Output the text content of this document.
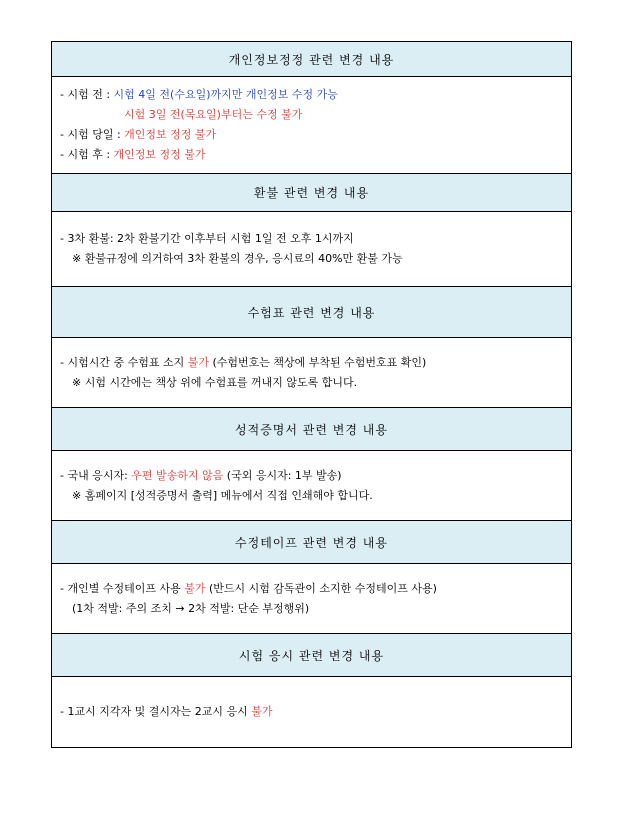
개인정보정정 관련 변경 내용
- 시험 전 : 시험 4일 전(수요일)까지만 개인정보 수정 가능
시험 3일 전(목요일)부터는 수정 불가
- 시험 당일 : 개인정보 정정 불가
- 시험 후 : 개인정보 정정 불가
환불 관련 변경 내용
- 3차 환불: 2차 환불기간 이후부터 시험 1일 전 오후 1시까지
※ 환불규정에 의거하여 3차 환불의 경우, 응시료의 40%만 환불 가능
수험표 관련 변경 내용
- 시험시간 중 수험표 소지 불가 (수험번호는 책상에 부착된 수험번호표 확인)
※ 시험 시간에는 책상 위에 수험표를 꺼내지 않도록 합니다.
성적증명서 관련 변경 내용
- 국내 응시자: 우편 발송하지 않음 (국외 응시자: 1부 발송)
※ 홈페이지 [성적증명서 출력] 메뉴에서 직접 인쇄해야 합니다.
수정테이프 관련 변경 내용
- 개인별 수정테이프 사용 불가 (반드시 시험 감독관이 소지한 수정테이프 사용)
(1차 적발: 주의 조치 → 2차 적발: 단순 부정행위)
시험 응시 관련 변경 내용
- 1교시 지각자 및 결시자는 2교시 응시 불가
